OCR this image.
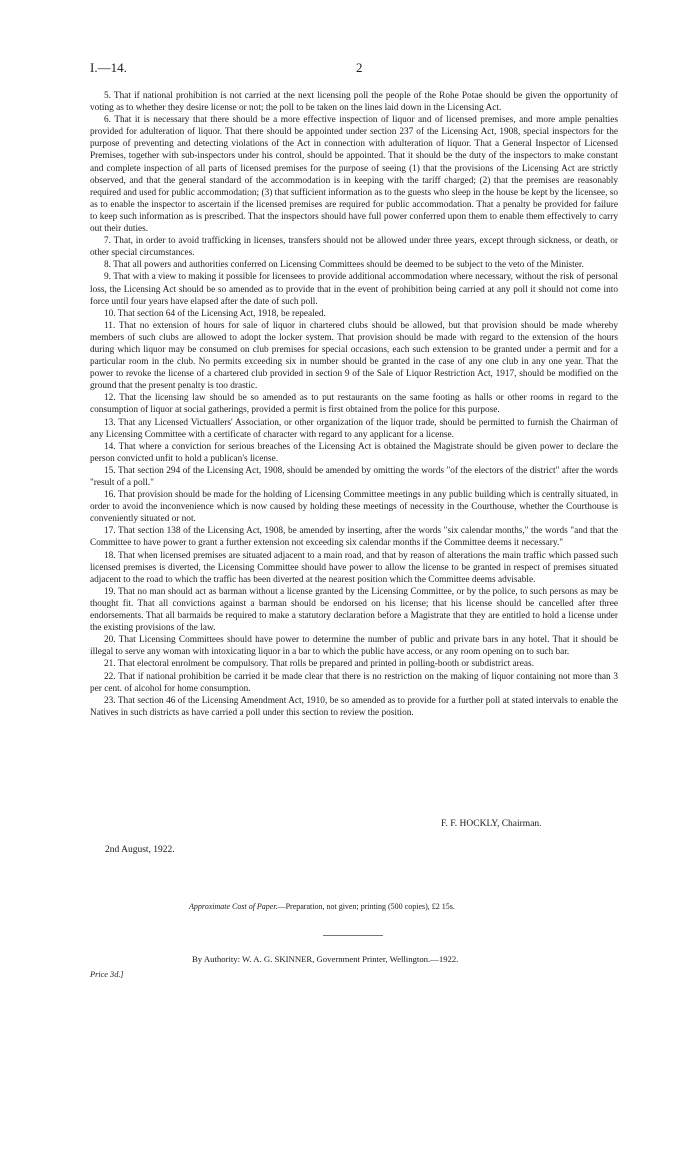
I.—14.	2

5. That if national prohibition is not carried at the next licensing poll the people of the Rohe Potae should be given the opportunity of voting as to whether they desire license or not; the poll to be taken on the lines laid down in the Licensing Act.

6. That it is necessary that there should be a more effective inspection of liquor and of licensed premises, and more ample penalties provided for adulteration of liquor. That there should be appointed under section 237 of the Licensing Act, 1908, special inspectors for the purpose of preventing and detecting violations of the Act in connection with adulteration of liquor. That a General Inspector of Licensed Premises, together with sub-inspectors under his control, should be appointed. That it should be the duty of the inspectors to make constant and complete inspection of all parts of licensed premises for the purpose of seeing (1) that the provisions of the Licensing Act are strictly observed, and that the general standard of the accommodation is in keeping with the tariff charged; (2) that the premises are reasonably required and used for public accommodation; (3) that sufficient information as to the guests who sleep in the house be kept by the licensee, so as to enable the inspector to ascertain if the licensed premises are required for public accommodation. That a penalty be provided for failure to keep such information as is prescribed. That the inspectors should have full power conferred upon them to enable them effectively to carry out their duties.

7. That, in order to avoid trafficking in licenses, transfers should not be allowed under three years, except through sickness, or death, or other special circumstances.

8. That all powers and authorities conferred on Licensing Committees should be deemed to be subject to the veto of the Minister.

9. That with a view to making it possible for licensees to provide additional accommodation where necessary, without the risk of personal loss, the Licensing Act should be so amended as to provide that in the event of prohibition being carried at any poll it should not come into force until four years have elapsed after the date of such poll.

10. That section 64 of the Licensing Act, 1918, be repealed.

11. That no extension of hours for sale of liquor in chartered clubs should be allowed, but that provision should be made whereby members of such clubs are allowed to adopt the locker system. That provision should be made with regard to the extension of the hours during which liquor may be consumed on club premises for special occasions, each such extension to be granted under a permit and for a particular room in the club. No permits exceeding six in number should be granted in the case of any one club in any one year. That the power to revoke the license of a chartered club provided in section 9 of the Sale of Liquor Restriction Act, 1917, should be modified on the ground that the present penalty is too drastic.

12. That the licensing law should be so amended as to put restaurants on the same footing as halls or other rooms in regard to the consumption of liquor at social gatherings, provided a permit is first obtained from the police for this purpose.

13. That any Licensed Victuallers' Association, or other organization of the liquor trade, should be permitted to furnish the Chairman of any Licensing Committee with a certificate of character with regard to any applicant for a license.

14. That where a conviction for serious breaches of the Licensing Act is obtained the Magistrate should be given power to declare the person convicted unfit to hold a publican's license.

15. That section 294 of the Licensing Act, 1908, should be amended by omitting the words "of the electors of the district" after the words "result of a poll."

16. That provision should be made for the holding of Licensing Committee meetings in any public building which is centrally situated, in order to avoid the inconvenience which is now caused by holding these meetings of necessity in the Courthouse, whether the Courthouse is conveniently situated or not.

17. That section 138 of the Licensing Act, 1908, be amended by inserting, after the words "six calendar months," the words "and that the Committee to have power to grant a further extension not exceeding six calendar months if the Committee deems it necessary."

18. That when licensed premises are situated adjacent to a main road, and that by reason of alterations the main traffic which passed such licensed premises is diverted, the Licensing Committee should have power to allow the license to be granted in respect of premises situated adjacent to the road to which the traffic has been diverted at the nearest position which the Committee deems advisable.

19. That no man should act as barman without a license granted by the Licensing Committee, or by the police, to such persons as may be thought fit. That all convictions against a barman should be endorsed on his license; that his license should be cancelled after three endorsements. That all barmaids be required to make a statutory declaration before a Magistrate that they are entitled to hold a license under the existing provisions of the law.

20. That Licensing Committees should have power to determine the number of public and private bars in any hotel. That it should be illegal to serve any woman with intoxicating liquor in a bar to which the public have access, or any room opening on to such bar.

21. That electoral enrolment be compulsory. That rolls be prepared and printed in polling-booth or subdistrict areas.

22. That if national prohibition be carried it be made clear that there is no restriction on the making of liquor containing not more than 3 per cent. of alcohol for home consumption.

23. That section 46 of the Licensing Amendment Act, 1910, be so amended as to provide for a further poll at stated intervals to enable the Natives in such districts as have carried a poll under this section to review the position.

F. F. HOCKLY, Chairman.
2nd August, 1922.
Approximate Cost of Paper.—Preparation, not given; printing (500 copies), £2 15s.
By Authority: W. A. G. SKINNER, Government Printer, Wellington.—1922.
Price 3d.]
